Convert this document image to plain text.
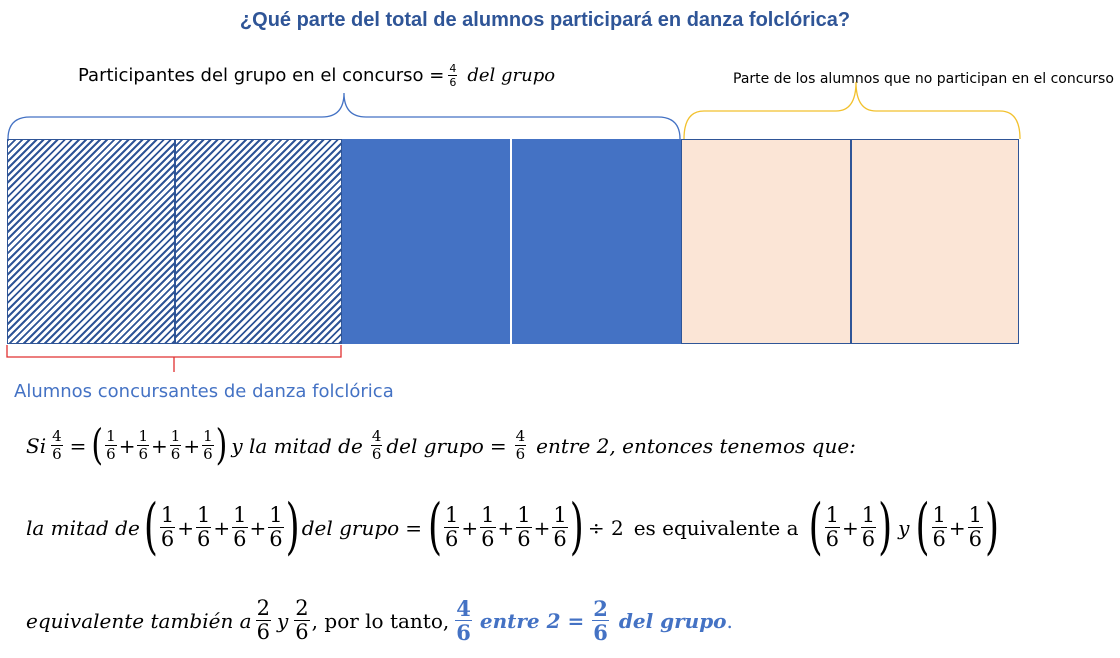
¿Qué parte del total de alumnos participará en danza folclórica?
Participantes del grupo en el concurso = $\frac{4}{6}$ del grupo	Parte de los alumnos que no participan en el concurso
Alumnos concursantes de danza folclórica
Si $\frac{4}{6}$ = ( $\frac{1}{6} + \frac{1}{6} + \frac{1}{6} + \frac{1}{6}$ ) y la mitad de $\frac{4}{6}$ del grupo = $\frac{4}{6}$ entre 2, entonces tenemos que:
la mitad de ( $\frac{1}{6} + \frac{1}{6} + \frac{1}{6} + \frac{1}{6}$ ) del grupo = ( $\frac{1}{6} + \frac{1}{6} + \frac{1}{6} + \frac{1}{6}$ ) ÷ 2 es equivalente a ( $\frac{1}{6} + \frac{1}{6}$ ) y ( $\frac{1}{6} + \frac{1}{6}$ )
equivalente también a $\frac{2}{6}$ y $\frac{2}{6}$ , por lo tanto, $\frac{4}{6}$ entre $2 = \frac{2}{6}$ del grupo .
